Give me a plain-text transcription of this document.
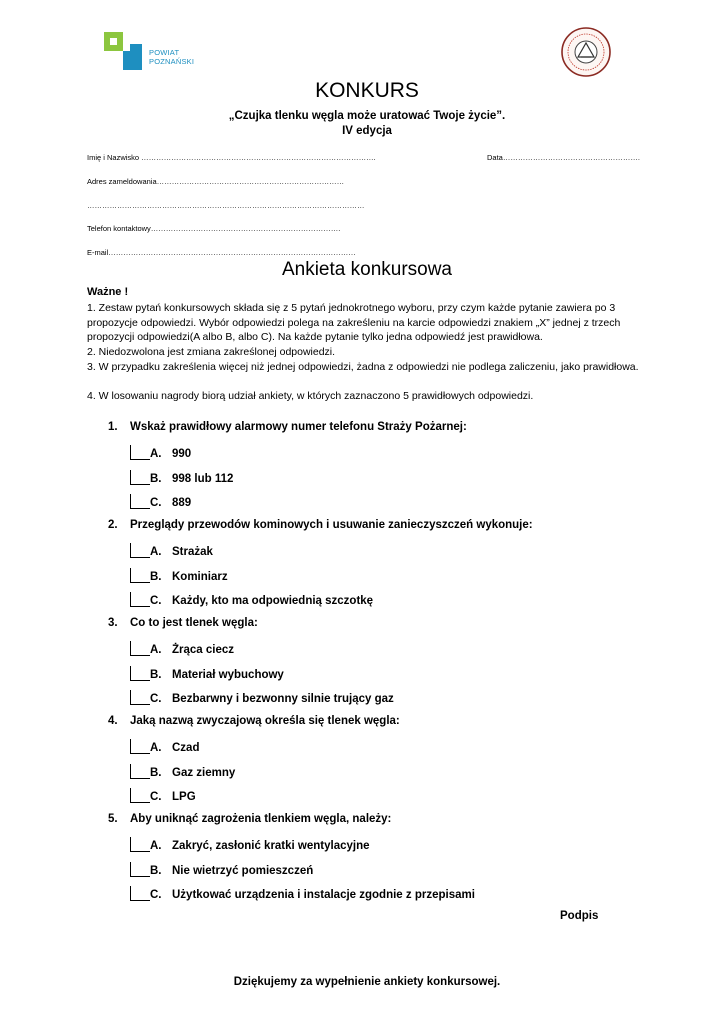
POWIAT
POZNAŃSKI
KONKURS
„Czujka tlenku węgla może uratować Twoje życie”.
IV edycja
Imię i Nazwisko ………………………………………………………………………………….	Data……………………………………………….
Adres zameldowania…………………………………………………………………
…………………………………………………………………………………………………
Telefon kontaktowy………………………………………………………………….
E-mail………………………………………………………………………………………
Ankieta konkursowa
Ważne !
1. Zestaw pytań konkursowych składa się z 5 pytań jednokrotnego wyboru, przy czym każde pytanie zawiera po 3 propozycje odpowiedzi. Wybór odpowiedzi polega na zakreśleniu na karcie odpowiedzi znakiem „X” jednej z trzech propozycji odpowiedzi(A albo B, albo C). Na każde pytanie tylko jedna odpowiedź jest prawidłowa.
2. Niedozwolona jest zmiana zakreślonej odpowiedzi.
3. W przypadku zakreślenia więcej niż jednej odpowiedzi, żadna z odpowiedzi nie podlega zaliczeniu, jako prawidłowa.
4. W losowaniu nagrody biorą udział ankiety, w których zaznaczono 5 prawidłowych odpowiedzi.
1. Wskaż prawidłowy alarmowy numer telefonu Straży Pożarnej:
A. 990
B. 998 lub 112
C. 889
2. Przeglądy przewodów kominowych i usuwanie zanieczyszczeń wykonuje:
A. Strażak
B. Kominiarz
C. Każdy, kto ma odpowiednią szczotkę
3. Co to jest tlenek węgla:
A. Żrąca ciecz
B. Materiał wybuchowy
C. Bezbarwny i bezwonny silnie trujący gaz
4. Jaką nazwą zwyczajową określa się tlenek węgla:
A. Czad
B. Gaz ziemny
C. LPG
5. Aby uniknąć zagrożenia tlenkiem węgla, należy:
A. Zakryć, zasłonić kratki wentylacyjne
B. Nie wietrzyć pomieszczeń
C. Użytkować urządzenia i instalacje zgodnie z przepisami
Podpis
Dziękujemy za wypełnienie ankiety konkursowej.
